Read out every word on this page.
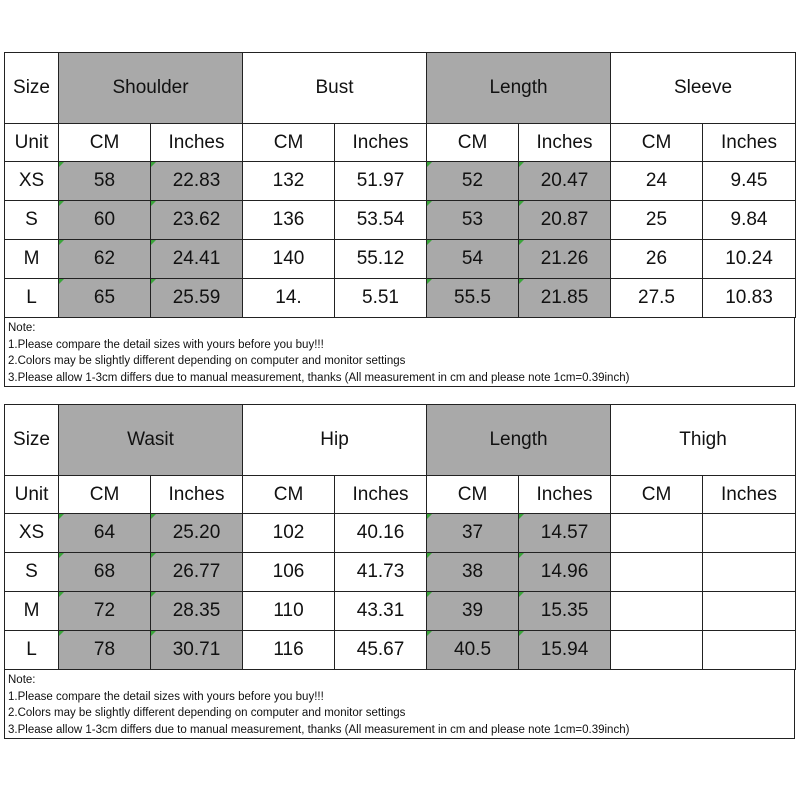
Size	Shoulder		Bust		Length		Sleeve	
Unit	CM	Inches	CM	Inches	CM	Inches	CM	Inches
XS	58	22.83	132	51.97	52	20.47	24	9.45
S	60	23.62	136	53.54	53	20.87	25	9.84
M	62	24.41	140	55.12	54	21.26	26	10.24
L	65	25.59	14.	5.51	55.5	21.85	27.5	10.83
Note:
1.Please compare the detail sizes with yours before you buy!!!
2.Colors may be slightly different depending on computer and monitor settings
3.Please allow 1-3cm differs due to manual measurement, thanks (All measurement in cm and please note 1cm=0.39inch)
Size	Wasit		Hip		Length		Thigh	
Unit	CM	Inches	CM	Inches	CM	Inches	CM	Inches
XS	64	25.20	102	40.16	37	14.57		
S	68	26.77	106	41.73	38	14.96		
M	72	28.35	110	43.31	39	15.35		
L	78	30.71	116	45.67	40.5	15.94		
Note:
1.Please compare the detail sizes with yours before you buy!!!
2.Colors may be slightly different depending on computer and monitor settings
3.Please allow 1-3cm differs due to manual measurement, thanks (All measurement in cm and please note 1cm=0.39inch)
